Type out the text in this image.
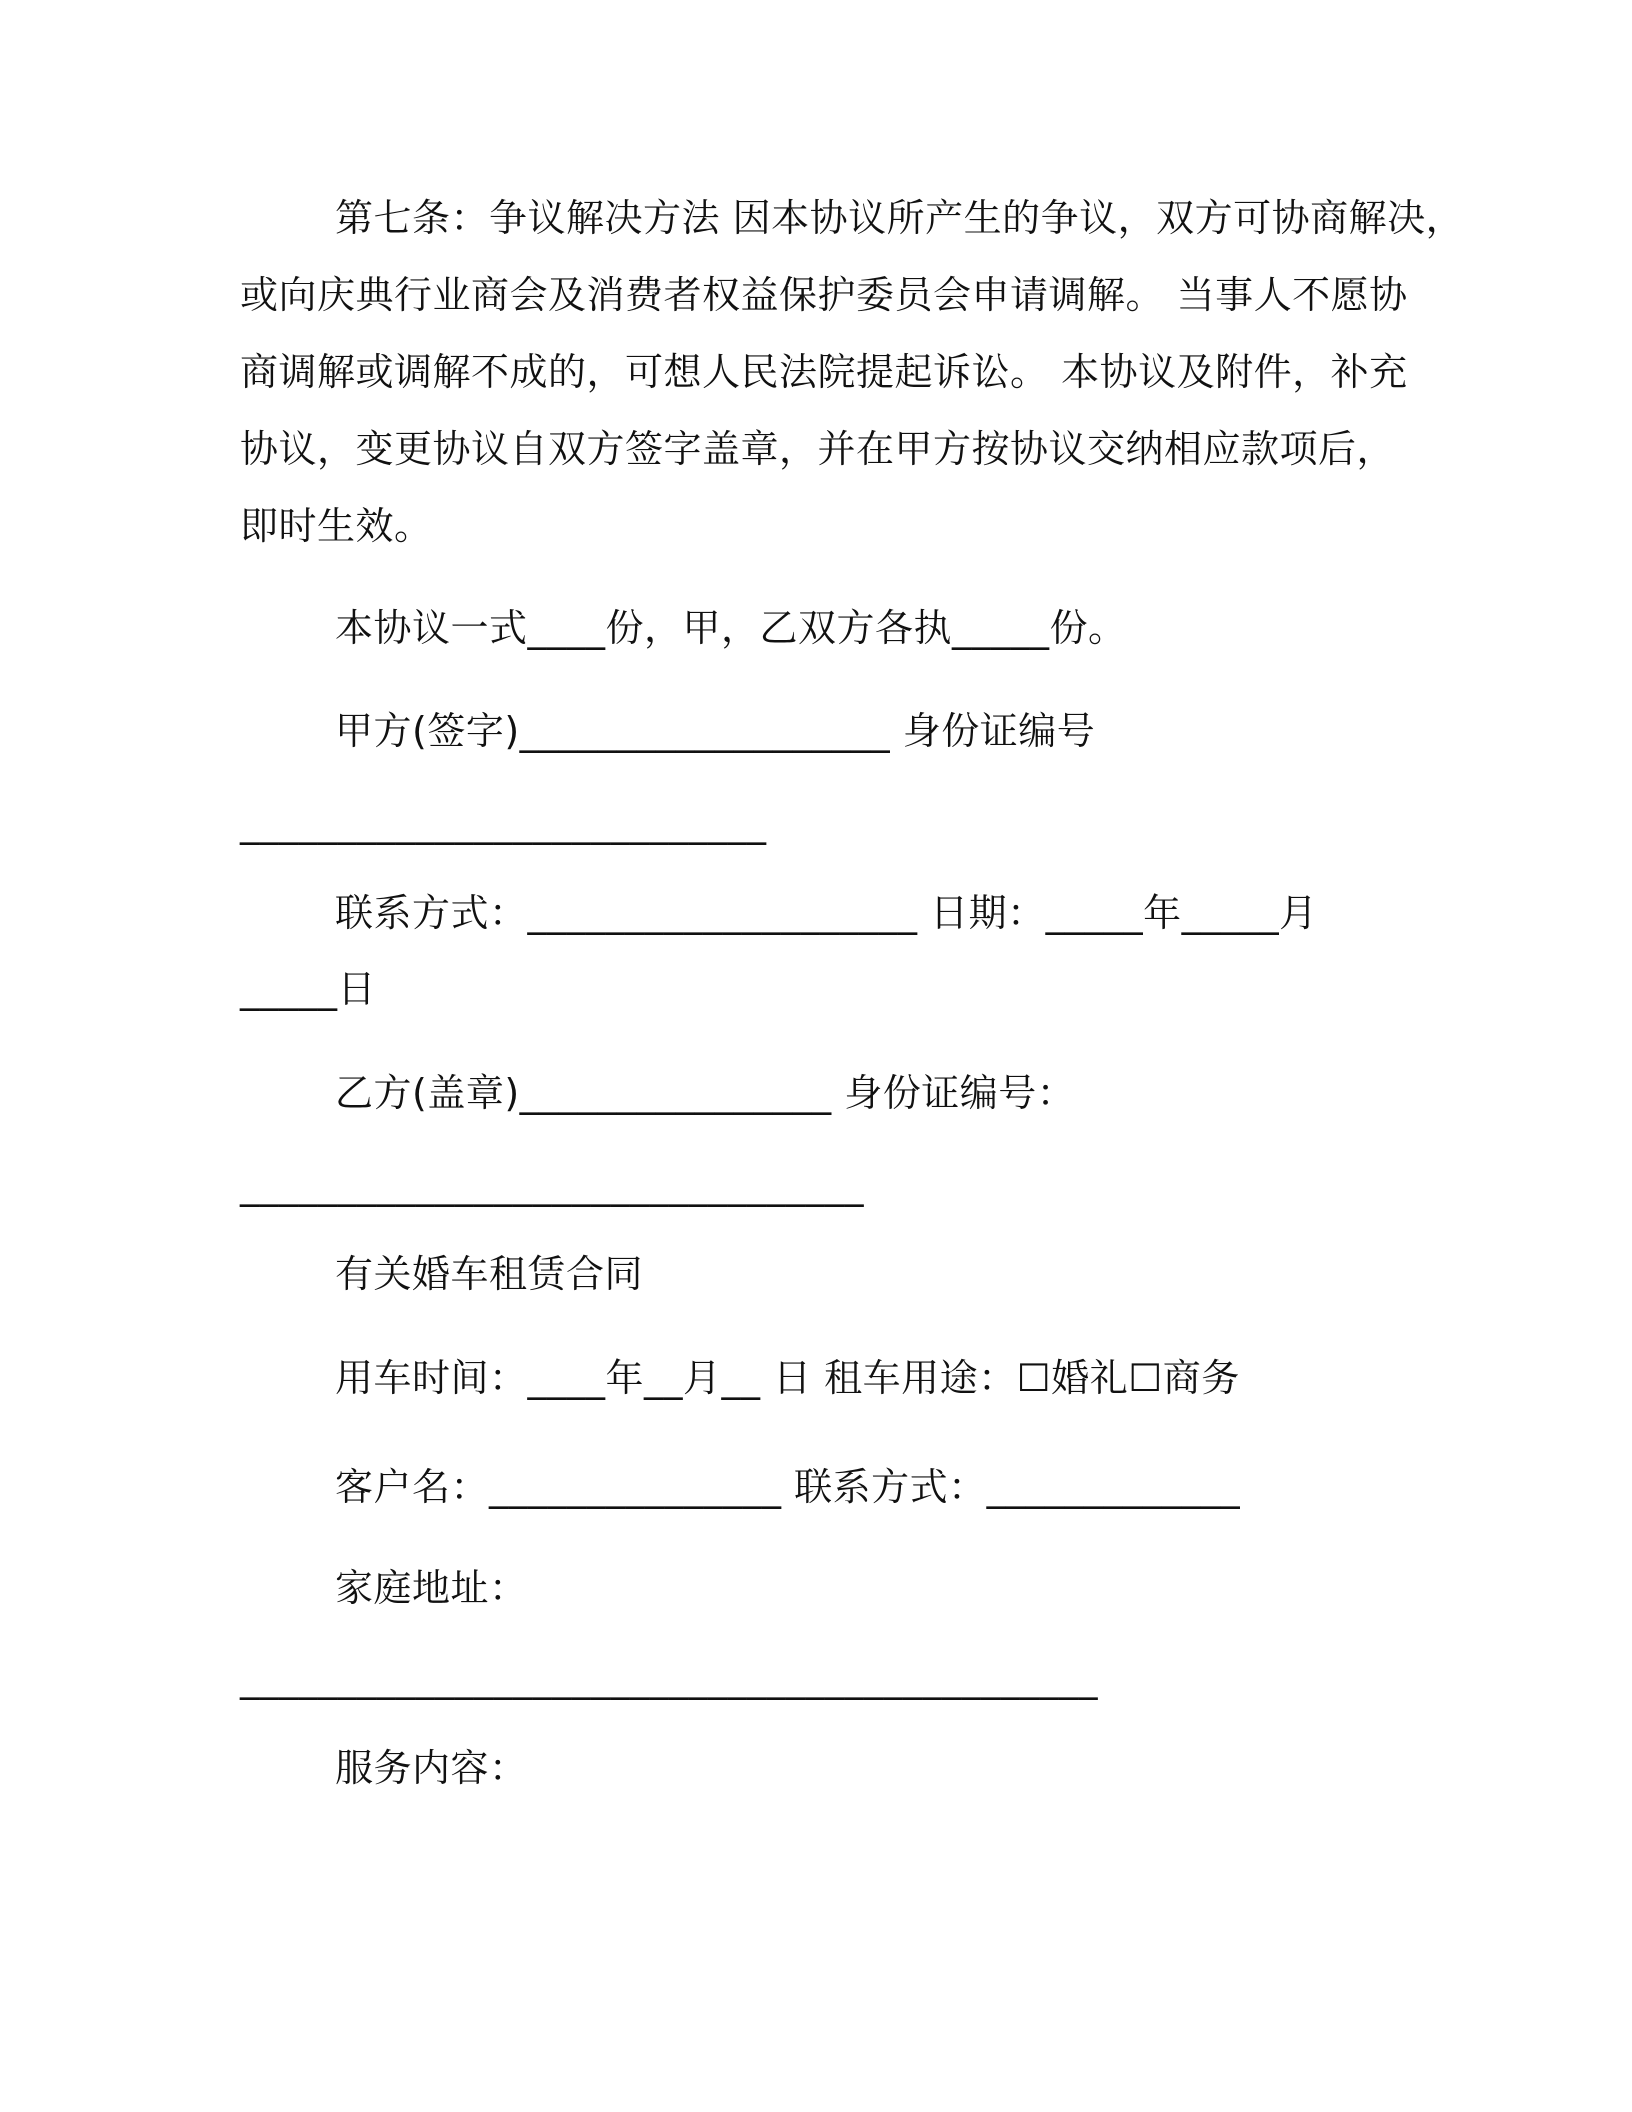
第七条：争议解决方法 因本协议所产生的争议，双方可协商解决，
或向庆典行业商会及消费者权益保护委员会申请调解。 当事人不愿协
商调解或调解不成的，可想人民法院提起诉讼。 本协议及附件，补充
协议，变更协议自双方签字盖章，并在甲方按协议交纳相应款项后，
即时生效。
本协议一式____份，甲，乙双方各执_____份。
甲方(签字)___________________ 身份证编号
___________________________
联系方式：____________________ 日期：_____年_____月
_____日
乙方(盖章)________________ 身份证编号：
________________________________
有关婚车租赁合同
用车时间：____年__月__ 日 租车用途：☐婚礼☐商务
客户名：_______________ 联系方式：_____________
家庭地址：
____________________________________________
服务内容：
